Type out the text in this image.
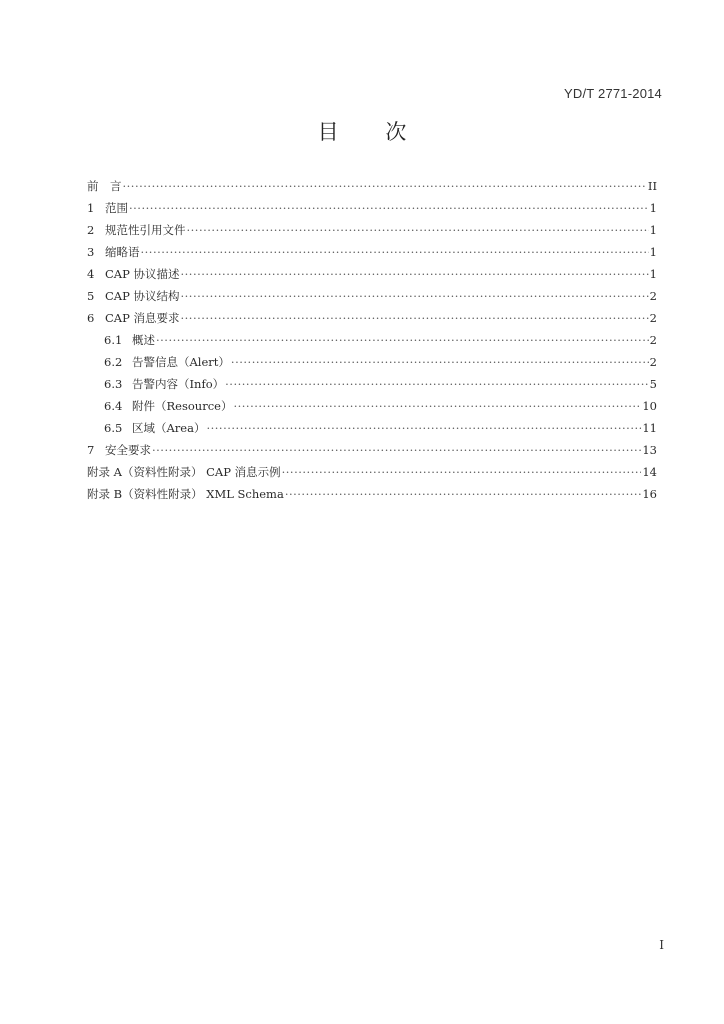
YD/T 2771-2014
目 次
前　言 ·····	II
1 范围 ·····	1
2 规范性引用文件 ·····	1
3 缩略语 ·····	1
4 CAP 协议描述 ·····	1
5 CAP 协议结构 ·····	2
6 CAP 消息要求 ·····	2
6.1 概述 ·····	2
6.2 告警信息（Alert） ·····	2
6.3 告警内容（Info） ·····	5
6.4 附件（Resource） ·····	10
6.5 区域（Area） ·····	11
7 安全要求 ·····	13
附录 A（资料性附录） CAP 消息示例 ·····	14
附录 B（资料性附录） XML Schema ·····	16
I
